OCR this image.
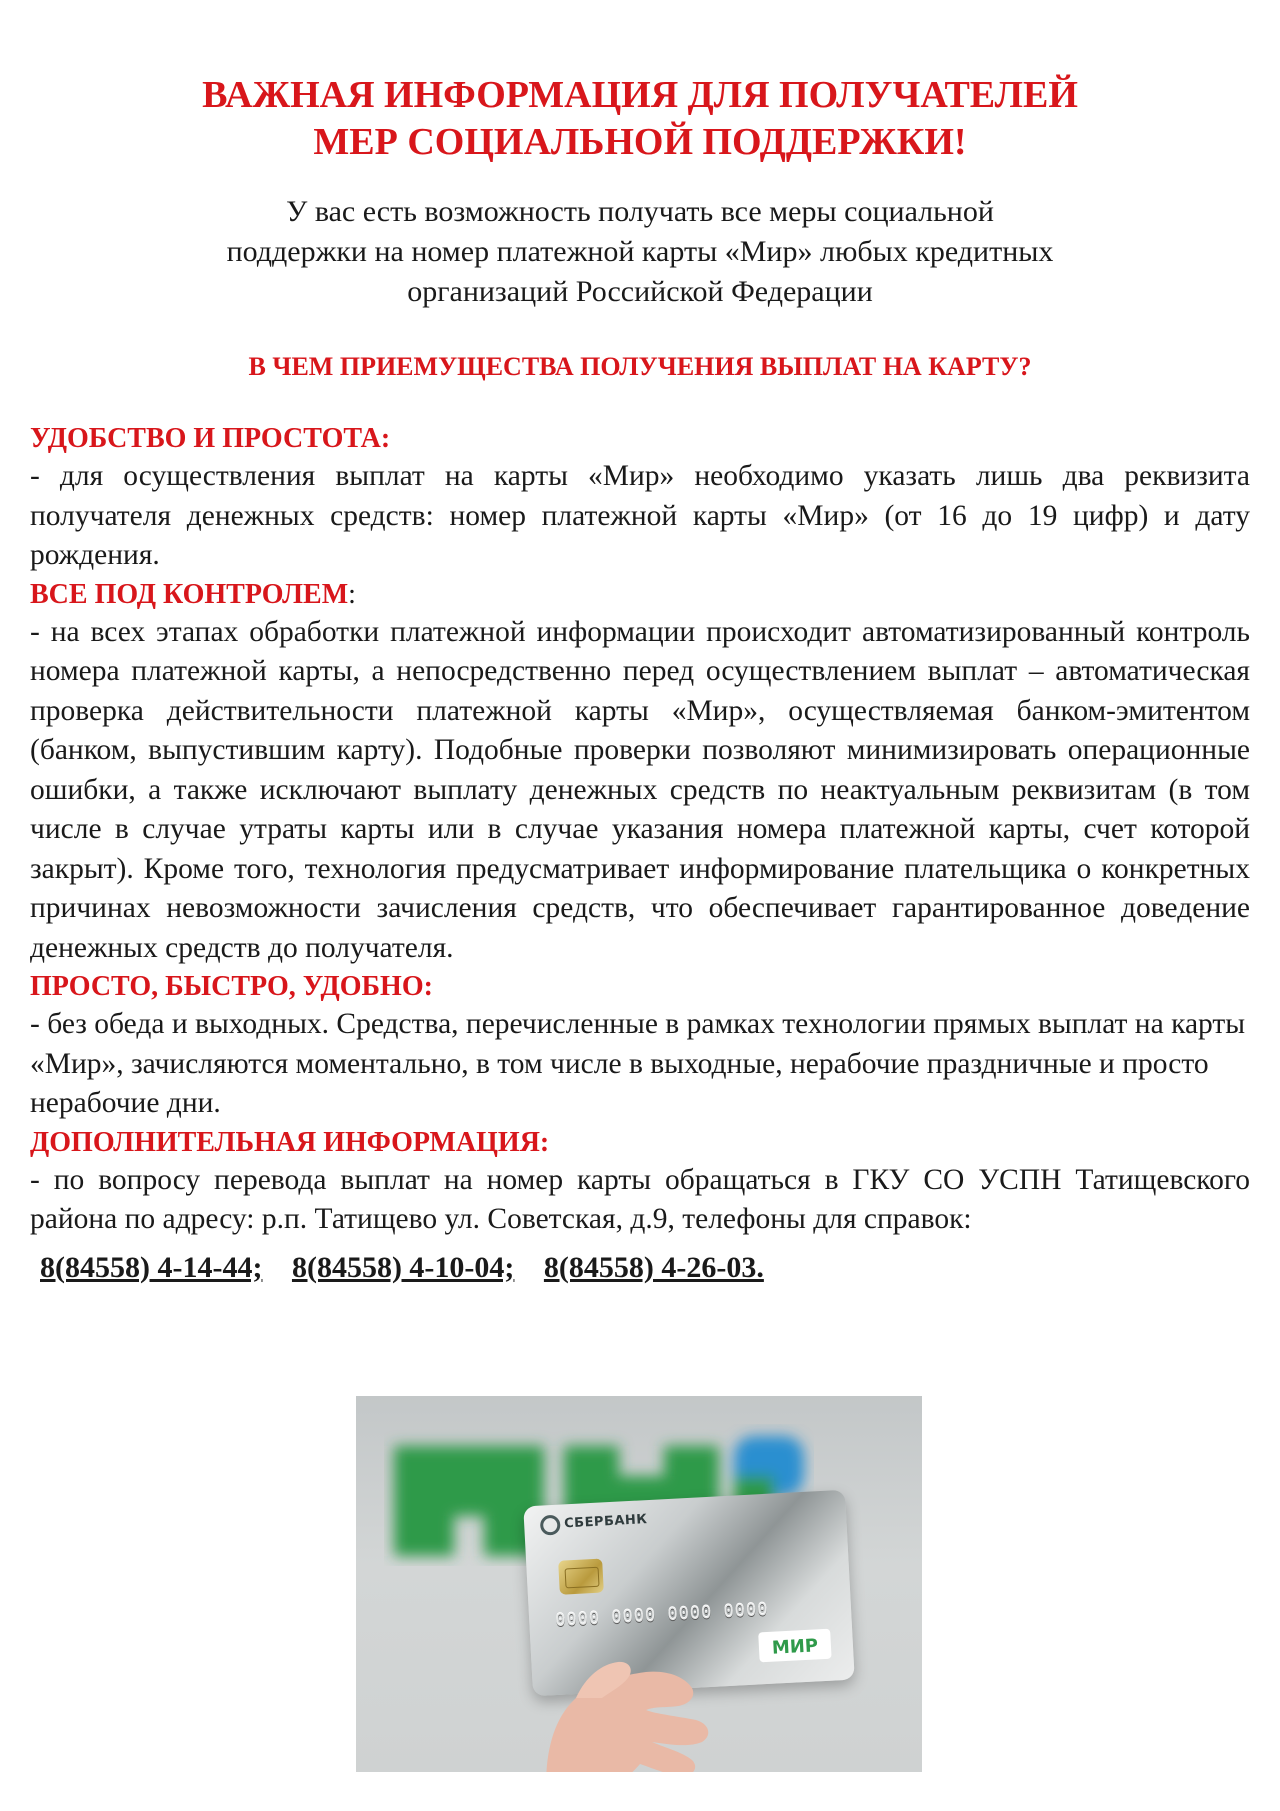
ВАЖНАЯ ИНФОРМАЦИЯ ДЛЯ ПОЛУЧАТЕЛЕЙ
МЕР СОЦИАЛЬНОЙ ПОДДЕРЖКИ!

У вас есть возможность получать все меры социальной
поддержки на номер платежной карты «Мир» любых кредитных
организаций Российской Федерации

В ЧЕМ ПРИЕМУЩЕСТВА ПОЛУЧЕНИЯ ВЫПЛАТ НА КАРТУ?
УДОБСТВО И ПРОСТОТА:

- для осуществления выплат на карты «Мир» необходимо указать лишь два реквизита получателя денежных средств: номер платежной карты «Мир» (от 16 до 19 цифр) и дату рождения.

ВСЕ ПОД КОНТРОЛЕМ:

- на всех этапах обработки платежной информации происходит автоматизированный контроль номера платежной карты, а непосредственно перед осуществлением выплат – автоматическая проверка действительности платежной карты «Мир», осуществляемая банком-эмитентом (банком, выпустившим карту). Подобные проверки позволяют минимизировать операционные ошибки, а также исключают выплату денежных средств по неактуальным реквизитам (в том числе в случае утраты карты или в случае указания номера платежной карты, счет которой закрыт). Кроме того, технология предусматривает информирование плательщика о конкретных причинах невозможности зачисления средств, что обеспечивает гарантированное доведение денежных средств до получателя.

ПРОСТО, БЫСТРО, УДОБНО:

- без обеда и выходных. Средства, перечисленные в рамках технологии прямых выплат на карты «Мир», зачисляются моментально, в том числе в выходные, нерабочие праздничные и просто нерабочие дни.

ДОПОЛНИТЕЛЬНАЯ ИНФОРМАЦИЯ:

- по вопросу перевода выплат на номер карты обращаться в ГКУ СО УСПН Татищевского района по адресу: р.п. Татищево ул. Советская, д.9, телефоны для справок:

8(84558) 4-14-44; 8(84558) 4-10-04; 8(84558) 4-26-03.
СБЕРБАНК
0000 0000 0000 0000
МИР
